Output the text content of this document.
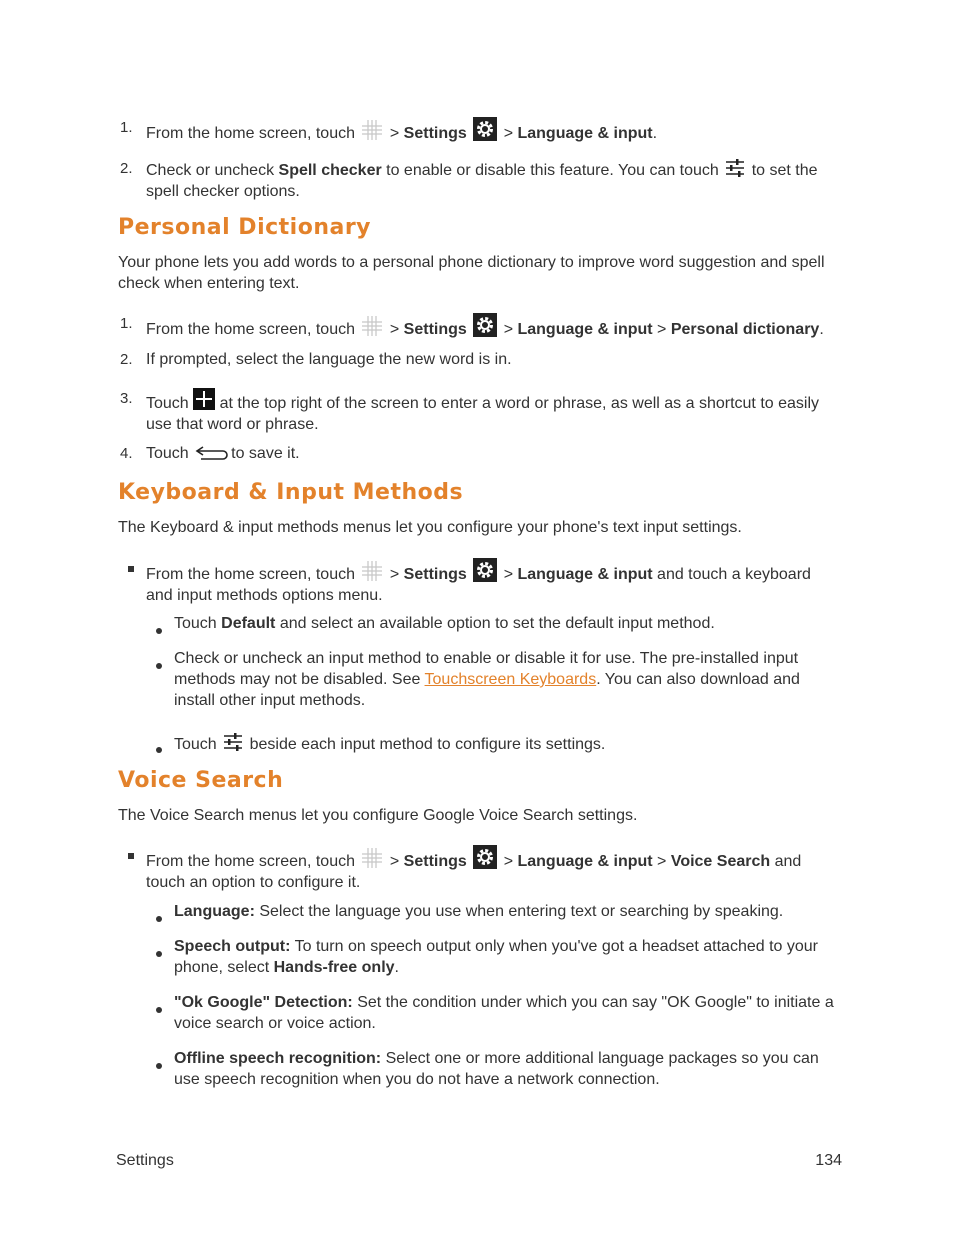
1. From the home screen, touch  > Settings  > Language & input.
2. Check or uncheck Spell checker to enable or disable this feature. You can touch  to set the spell checker options.
Personal Dictionary
Your phone lets you add words to a personal phone dictionary to improve word suggestion and spell check when entering text.
1. From the home screen, touch  > Settings  > Language & input > Personal dictionary.
2. If prompted, select the language the new word is in.
3. Touch  at the top right of the screen to enter a word or phrase, as well as a shortcut to easily use that word or phrase.
4. Touch to save it.
Keyboard & Input Methods
The Keyboard & input methods menus let you configure your phone's text input settings.
From the home screen, touch  > Settings  > Language & input and touch a keyboard and input methods options menu.
Touch Default and select an available option to set the default input method.
Check or uncheck an input method to enable or disable it for use. The pre-installed input methods may not be disabled. See Touchscreen Keyboards. You can also download and install other input methods.
Touch  beside each input method to configure its settings.
Voice Search
The Voice Search menus let you configure Google Voice Search settings.
From the home screen, touch  > Settings  > Language & input > Voice Search and touch an option to configure it.
Language: Select the language you use when entering text or searching by speaking.
Speech output: To turn on speech output only when you've got a headset attached to your phone, select Hands-free only.
"Ok Google" Detection: Set the condition under which you can say "OK Google" to initiate a voice search or voice action.
Offline speech recognition: Select one or more additional language packages so you can use speech recognition when you do not have a network connection.
Settings	134
